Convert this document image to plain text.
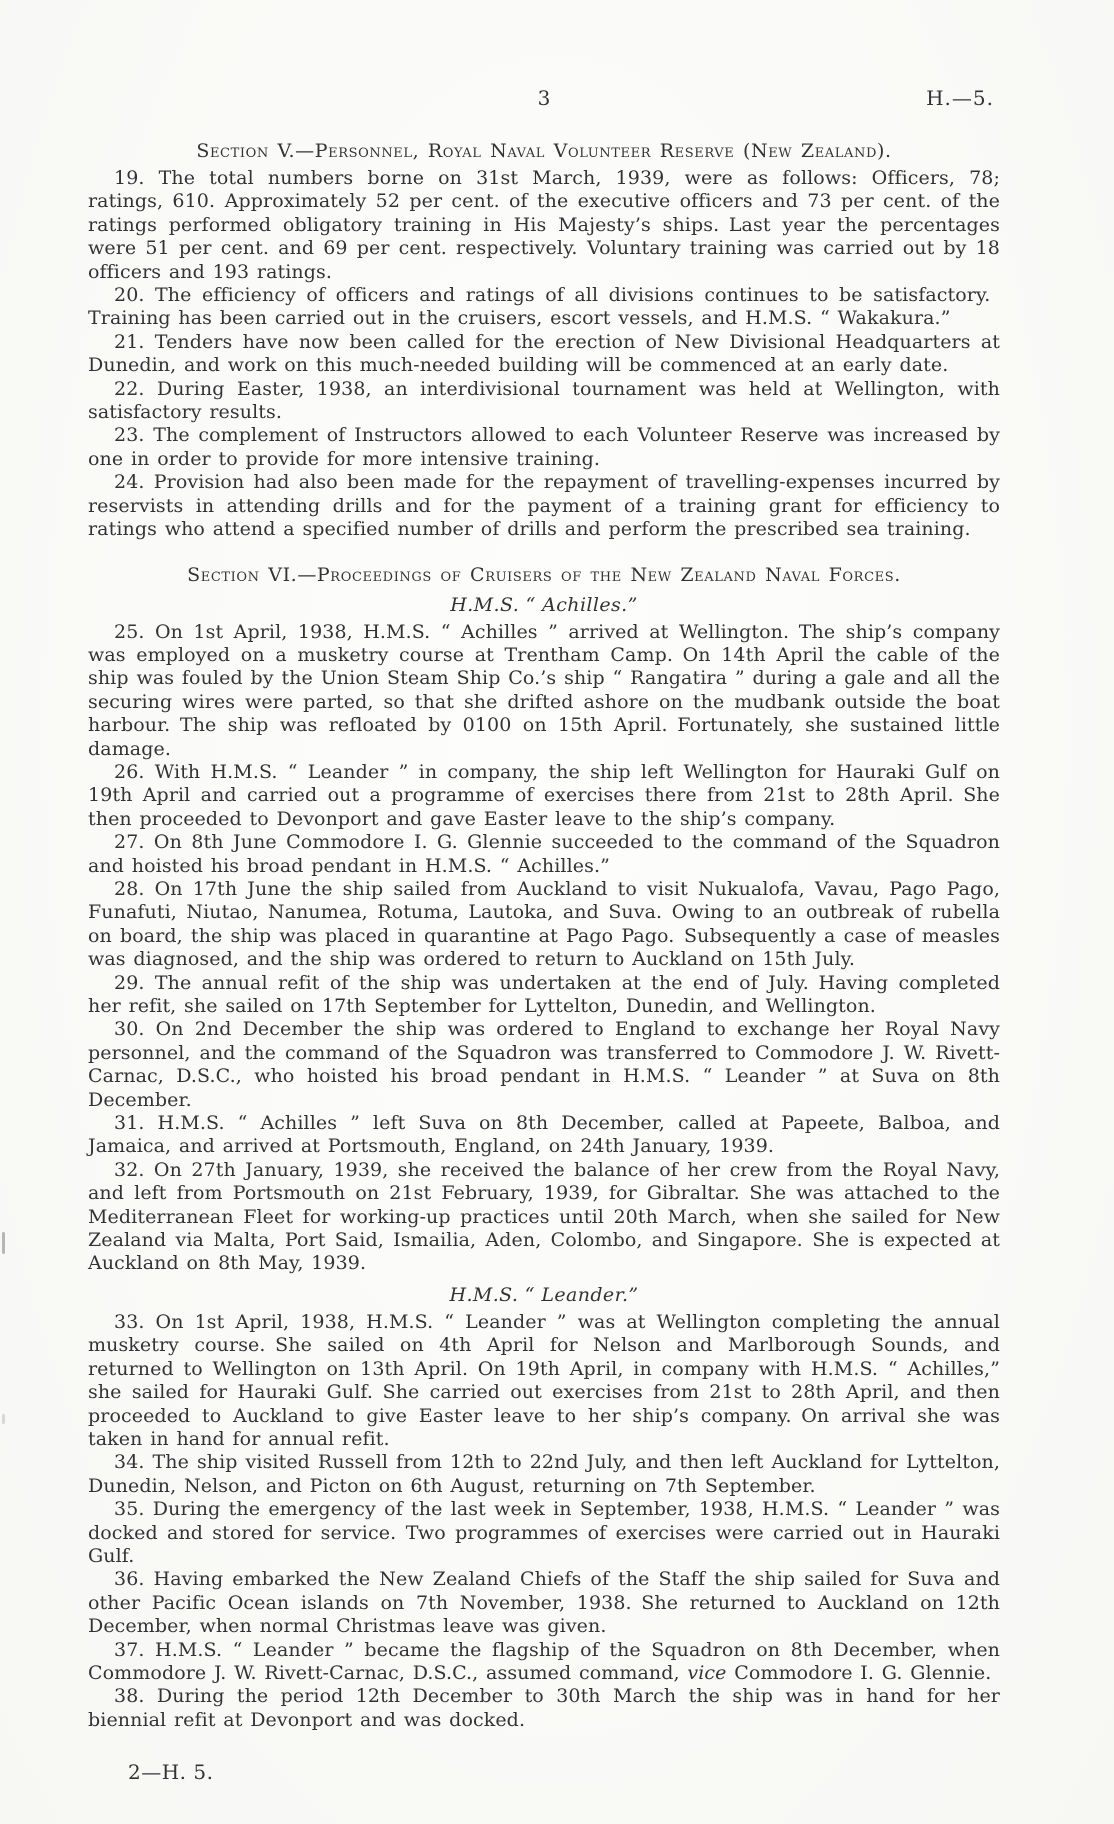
3	H.—5.
Section V.—Personnel, Royal Naval Volunteer Reserve (New Zealand).

19. The total numbers borne on 31st March, 1939, were as follows: Officers, 78; ratings, 610. Approximately 52 per cent. of the executive officers and 73 per cent. of the ratings performed obligatory training in His Majesty’s ships. Last year the percentages were 51 per cent. and 69 per cent. respectively. Voluntary training was carried out by 18 officers and 193 ratings.

20. The efficiency of officers and ratings of all divisions continues to be satisfactory. Training has been carried out in the cruisers, escort vessels, and H.M.S. “ Wakakura.”

21. Tenders have now been called for the erection of New Divisional Headquarters at Dunedin, and work on this much-needed building will be commenced at an early date.

22. During Easter, 1938, an interdivisional tournament was held at Wellington, with satisfactory results.

23. The complement of Instructors allowed to each Volunteer Reserve was increased by one in order to provide for more intensive training.

24. Provision had also been made for the repayment of travelling-expenses incurred by reservists in attending drills and for the payment of a training grant for efficiency to ratings who attend a specified number of drills and perform the prescribed sea training.

Section VI.—Proceedings of Cruisers of the New Zealand Naval Forces.
H.M.S. “ Achilles.”

25. On 1st April, 1938, H.M.S. “ Achilles ” arrived at Wellington. The ship’s company was employed on a musketry course at Trentham Camp. On 14th April the cable of the ship was fouled by the Union Steam Ship Co.’s ship “ Rangatira ” during a gale and all the securing wires were parted, so that she drifted ashore on the mudbank outside the boat harbour. The ship was refloated by 0100 on 15th April. Fortunately, she sustained little damage.

26. With H.M.S. “ Leander ” in company, the ship left Wellington for Hauraki Gulf on 19th April and carried out a programme of exercises there from 21st to 28th April. She then proceeded to Devonport and gave Easter leave to the ship’s company.

27. On 8th June Commodore I. G. Glennie succeeded to the command of the Squadron and hoisted his broad pendant in H.M.S. “ Achilles.”

28. On 17th June the ship sailed from Auckland to visit Nukualofa, Vavau, Pago Pago, Funafuti, Niutao, Nanumea, Rotuma, Lautoka, and Suva. Owing to an outbreak of rubella on board, the ship was placed in quarantine at Pago Pago. Subsequently a case of measles was diagnosed, and the ship was ordered to return to Auckland on 15th July.

29. The annual refit of the ship was undertaken at the end of July. Having completed her refit, she sailed on 17th September for Lyttelton, Dunedin, and Wellington.

30. On 2nd December the ship was ordered to England to exchange her Royal Navy personnel, and the command of the Squadron was transferred to Commodore J. W. Rivett-Carnac, D.S.C., who hoisted his broad pendant in H.M.S. “ Leander ” at Suva on 8th December.

31. H.M.S. “ Achilles ” left Suva on 8th December, called at Papeete, Balboa, and Jamaica, and arrived at Portsmouth, England, on 24th January, 1939.

32. On 27th January, 1939, she received the balance of her crew from the Royal Navy, and left from Portsmouth on 21st February, 1939, for Gibraltar. She was attached to the Mediterranean Fleet for working-up practices until 20th March, when she sailed for New Zealand via Malta, Port Said, Ismailia, Aden, Colombo, and Singapore. She is expected at Auckland on 8th May, 1939.

H.M.S. “ Leander.”

33. On 1st April, 1938, H.M.S. “ Leander ” was at Wellington completing the annual musketry course. She sailed on 4th April for Nelson and Marlborough Sounds, and returned to Wellington on 13th April. On 19th April, in company with H.M.S. “ Achilles,” she sailed for Hauraki Gulf. She carried out exercises from 21st to 28th April, and then proceeded to Auckland to give Easter leave to her ship’s company. On arrival she was taken in hand for annual refit.

34. The ship visited Russell from 12th to 22nd July, and then left Auckland for Lyttelton, Dunedin, Nelson, and Picton on 6th August, returning on 7th September.

35. During the emergency of the last week in September, 1938, H.M.S. “ Leander ” was docked and stored for service. Two programmes of exercises were carried out in Hauraki Gulf.

36. Having embarked the New Zealand Chiefs of the Staff the ship sailed for Suva and other Pacific Ocean islands on 7th November, 1938. She returned to Auckland on 12th December, when normal Christmas leave was given.

37. H.M.S. “ Leander ” became the flagship of the Squadron on 8th December, when Commodore J. W. Rivett-Carnac, D.S.C., assumed command, vice Commodore I. G. Glennie.

38. During the period 12th December to 30th March the ship was in hand for her biennial refit at Devonport and was docked.

2—H. 5.
